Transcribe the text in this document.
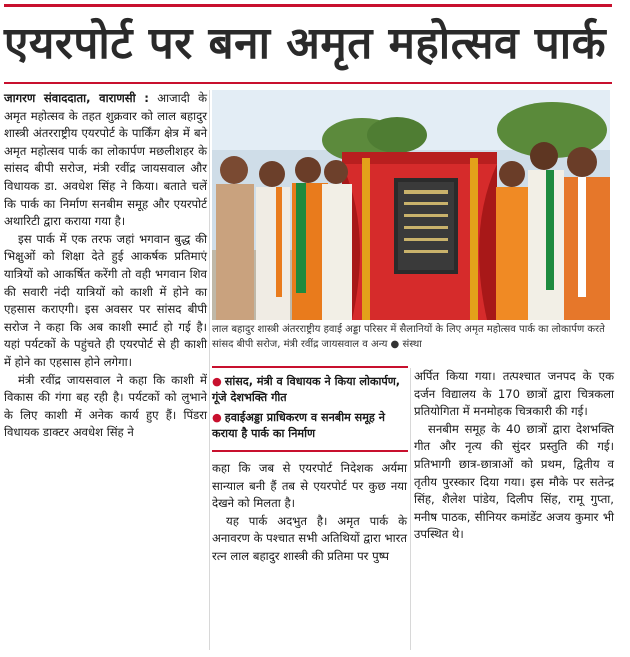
एयरपोर्ट पर बना अमृत महोत्सव पार्क

जागरण संवाददाता, वाराणसी : आजादी के अमृत महोत्सव के तहत शुक्रवार को लाल बहादुर शास्त्री अंतरराष्ट्रीय एयरपोर्ट के पार्किंग क्षेत्र में बने अमृत महोत्सव पार्क का लोकार्पण मछलीशहर के सांसद बीपी सरोज, मंत्री रवींद्र जायसवाल और विधायक डा. अवधेश सिंह ने किया। बताते चलें कि पार्क का निर्माण सनबीम समूह और एयरपोर्ट अथारिटी द्वारा कराया गया है।

इस पार्क में एक तरफ जहां भगवान बुद्ध की भिक्षुओं को शिक्षा देते हुई आकर्षक प्रतिमाएं यात्रियों को आकर्षित करेंगी तो वही भगवान शिव की सवारी नंदी यात्रियों को काशी में होने का एहसास कराएगी। इस अवसर पर सांसद बीपी सरोज ने कहा कि अब काशी स्मार्ट हो गई है। यहां पर्यटकों के पहुंचते ही एयरपोर्ट से ही काशी में होने का एहसास होने लगेगा।

मंत्री रवींद्र जायसवाल ने कहा कि काशी में विकास की गंगा बह रही है। पर्यटकों को लुभाने के लिए काशी में अनेक कार्य हुए हैं। पिंडरा विधायक डाक्टर अवधेश सिंह ने

लाल बहादुर शास्त्री अंतरराष्ट्रीय हवाई अड्डा परिसर में सैलानियों के लिए अमृत महोत्सव पार्क का लोकार्पण करते सांसद बीपी सरोज, मंत्री रवींद्र जायसवाल व अन्य ● संस्था
● सांसद, मंत्री व विधायक ने किया लोकार्पण, गूंजे देशभक्ति गीत
● हवाईअड्डा प्राधिकरण व सनबीम समूह ने कराया है पार्क का निर्माण

कहा कि जब से एयरपोर्ट निदेशक अर्यमा सान्याल बनी हैं तब से एयरपोर्ट पर कुछ नया देखने को मिलता है।

यह पार्क अदभुत है। अमृत पार्क के अनावरण के पश्चात सभी अतिथियों द्वारा भारत रत्न लाल बहादुर शास्त्री की प्रतिमा पर पुष्प

अर्पित किया गया। तत्पश्चात जनपद के एक दर्जन विद्यालय के 170 छात्रों द्वारा चित्रकला प्रतियोगिता में मनमोहक चित्रकारी की गई।

सनबीम समूह के 40 छात्रों द्वारा देशभक्ति गीत और नृत्य की सुंदर प्रस्तुति की गई। प्रतिभागी छात्र-छात्राओं को प्रथम, द्वितीय व तृतीय पुरस्कार दिया गया। इस मौके पर सतेन्द्र सिंह, शैलेश पांडेय, दिलीप सिंह, रामू गुप्ता, मनीष पाठक, सीनियर कमांडेंट अजय कुमार भी उपस्थित थे।
